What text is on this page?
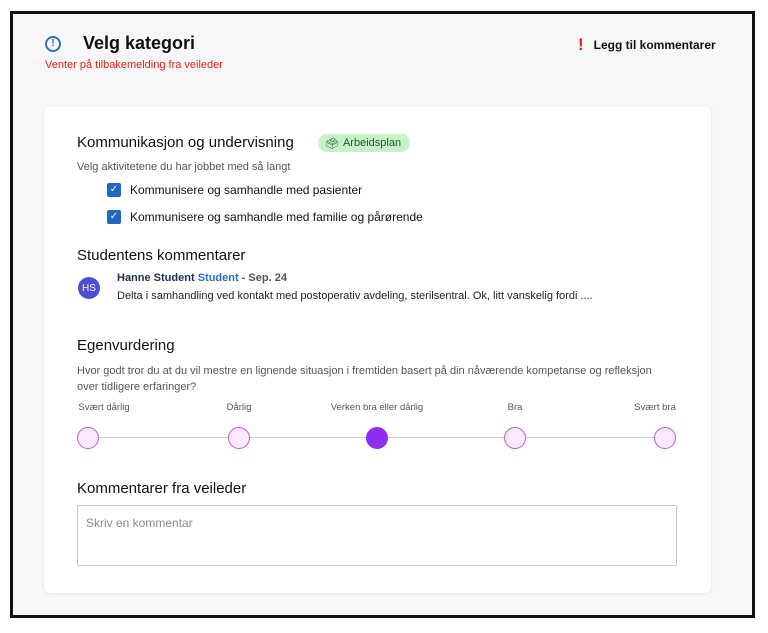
!	Velg kategori
Venter på tilbakemelding fra veileder
! Legg til kommentarer
Kommunikasjon og undervisning	🗳 Arbeidsplan
Velg aktivitetene du har jobbet med så langt
✓ Kommunisere og samhandle med pasienter
✓ Kommunisere og samhandle med familie og pårørende
Studentens kommentarer
HS
Hanne Student Student - Sep. 24
Delta i samhandling ved kontakt med postoperativ avdeling, sterilsentral. Ok, litt vanskelig fordi ....
Egenvurdering
Hvor godt tror du at du vil mestre en lignende situasjon i fremtiden basert på din nåværende kompetanse og refleksjon over tidligere erfaringer?
Svært dårlig	Dårlig	Verken bra eller dårlig	Bra	Svært bra
Kommentarer fra veileder
Skriv en kommentar
